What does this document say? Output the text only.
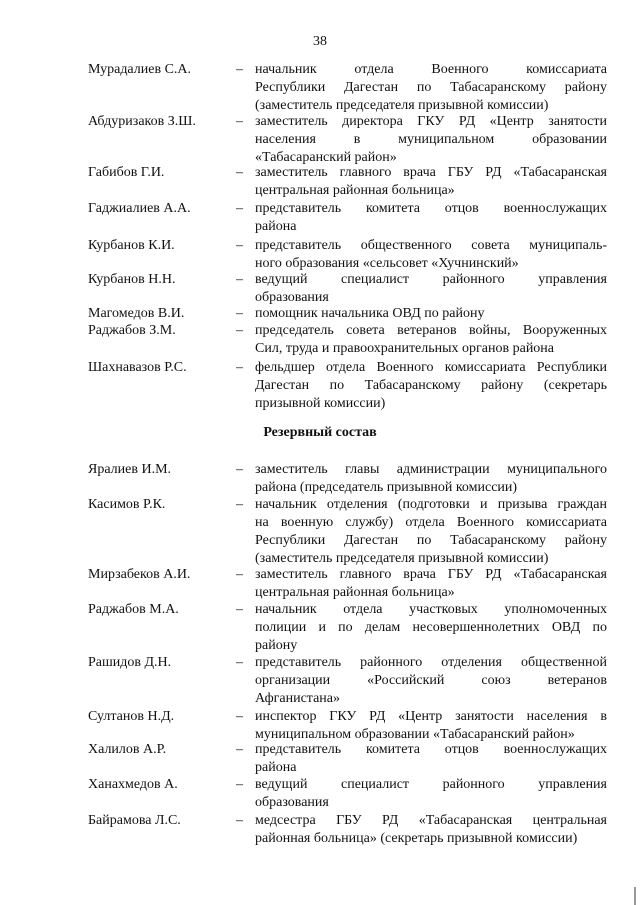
38
Мурадалиев С.А.	– начальник отдела Военного комиссариата
Республики Дагестан по Табасаранскому району
(заместитель председателя призывной комиссии)
Абдуризаков З.Ш.	– заместитель директора ГКУ РД «Центр занятости
населения в муниципальном образовании
«Табасаранский район»
Габибов Г.И.	– заместитель главного врача ГБУ РД «Табасаранская
центральная районная больница»
Гаджиалиев А.А.	– представитель комитета отцов военнослужащих
района
Курбанов К.И.	– представитель общественного совета муниципаль-
ного образования «сельсовет «Хучнинский»
Курбанов Н.Н.	– ведущий специалист районного управления
образования
Магомедов В.И.	– помощник начальника ОВД по району
Раджабов З.М.	– председатель совета ветеранов войны, Вооруженных
Сил, труда и правоохранительных органов района
Шахнавазов Р.С.	– фельдшер отдела Военного комиссариата Республики
Дагестан по Табасаранскому району (секретарь
призывной комиссии)
Резервный состав
Яралиев И.М.	– заместитель главы администрации муниципального
района (председатель призывной комиссии)
Касимов Р.К.	– начальник отделения (подготовки и призыва граждан
на военную службу) отдела Военного комиссариата
Республики Дагестан по Табасаранскому району
(заместитель председателя призывной комиссии)
Мирзабеков А.И.	– заместитель главного врача ГБУ РД «Табасаранская
центральная районная больница»
Раджабов М.А.	– начальник отдела участковых уполномоченных
полиции и по делам несовершеннолетних ОВД по
району
Рашидов Д.Н.	– представитель районного отделения общественной
организации «Российский союз ветеранов
Афганистана»
Султанов Н.Д.	– инспектор ГКУ РД «Центр занятости населения в
муниципальном образовании «Табасаранский район»
Халилов А.Р.	– представитель комитета отцов военнослужащих
района
Ханахмедов А.	– ведущий специалист районного управления
образования
Байрамова Л.С.	– медсестра ГБУ РД «Табасаранская центральная
районная больница» (секретарь призывной комиссии)
